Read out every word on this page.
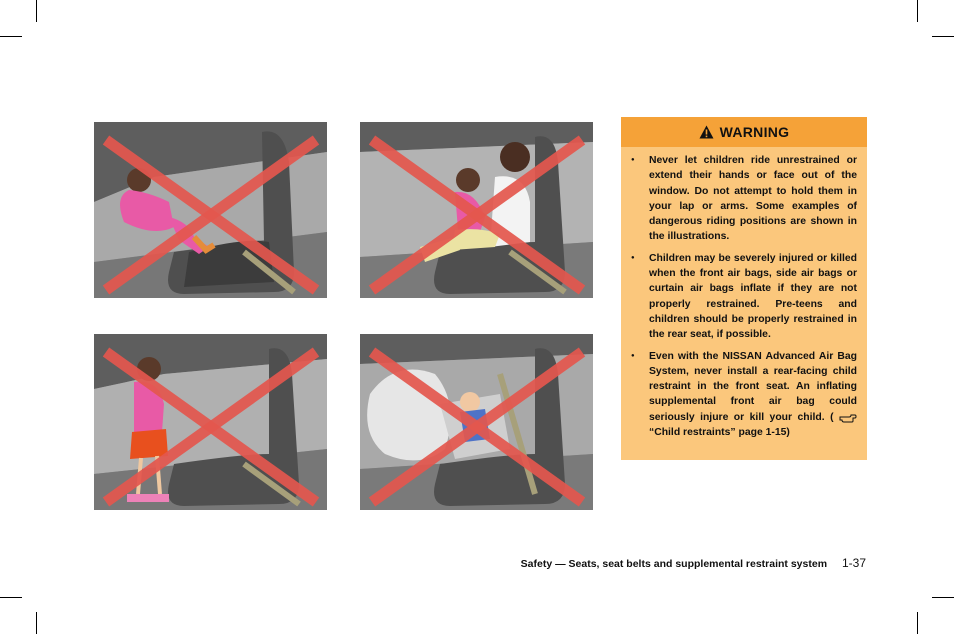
WARNING
● Never let children ride unrestrained or extend their hands or face out of the window. Do not attempt to hold them in your lap or arms. Some examples of dangerous riding positions are shown in the illustrations.
● Children may be severely injured or killed when the front air bags, side air bags or curtain air bags inflate if they are not properly restrained. Pre-teens and children should be properly restrained in the rear seat, if possible.
● Even with the NISSAN Advanced Air Bag System, never install a rear-facing child restraint in the front seat. An inflating supplemental front air bag could seriously injure or kill your child. (  “Child restraints” page 1-15)
Safety — Seats, seat belts and supplemental restraint system 1-37
